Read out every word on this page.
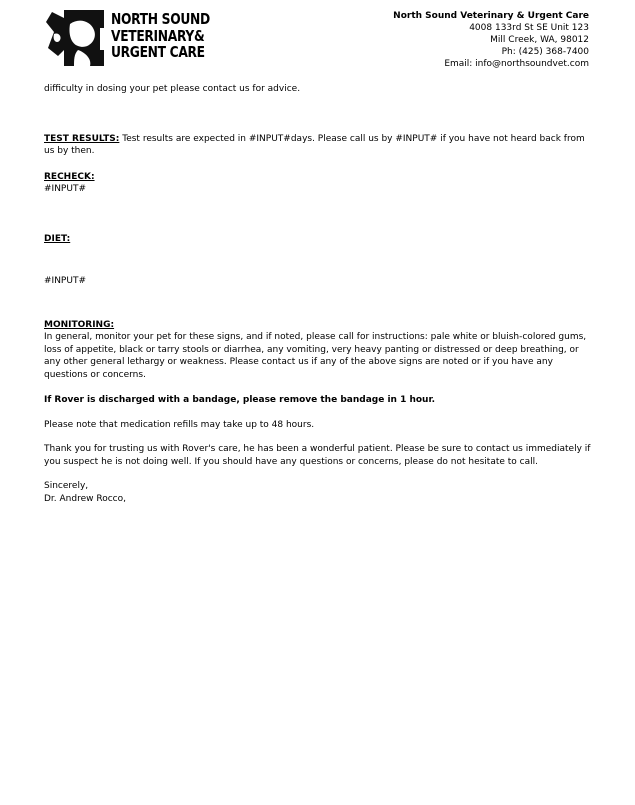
NORTH SOUND
VETERINARY&
URGENT CARE
North Sound Veterinary & Urgent Care
4008 133rd St SE Unit 123
Mill Creek, WA, 98012
Ph: (425) 368-7400
Email: info@northsoundvet.com

difficulty in dosing your pet please contact us for advice.

TEST RESULTS: Test results are expected in #INPUT#days. Please call us by #INPUT# if you have not heard back from us by then.

RECHECK:

#INPUT#

DIET:

#INPUT#

MONITORING:

In general, monitor your pet for these signs, and if noted, please call for instructions: pale white or bluish-colored gums, loss of appetite, black or tarry stools or diarrhea, any vomiting, very heavy panting or distressed or deep breathing, or any other general lethargy or weakness. Please contact us if any of the above signs are noted or if you have any questions or concerns.

If Rover is discharged with a bandage, please remove the bandage in 1 hour.

Please note that medication refills may take up to 48 hours.

Thank you for trusting us with Rover's care, he has been a wonderful patient. Please be sure to contact us immediately if you suspect he is not doing well. If you should have any questions or concerns, please do not hesitate to call.

Sincerely,

Dr. Andrew Rocco,
